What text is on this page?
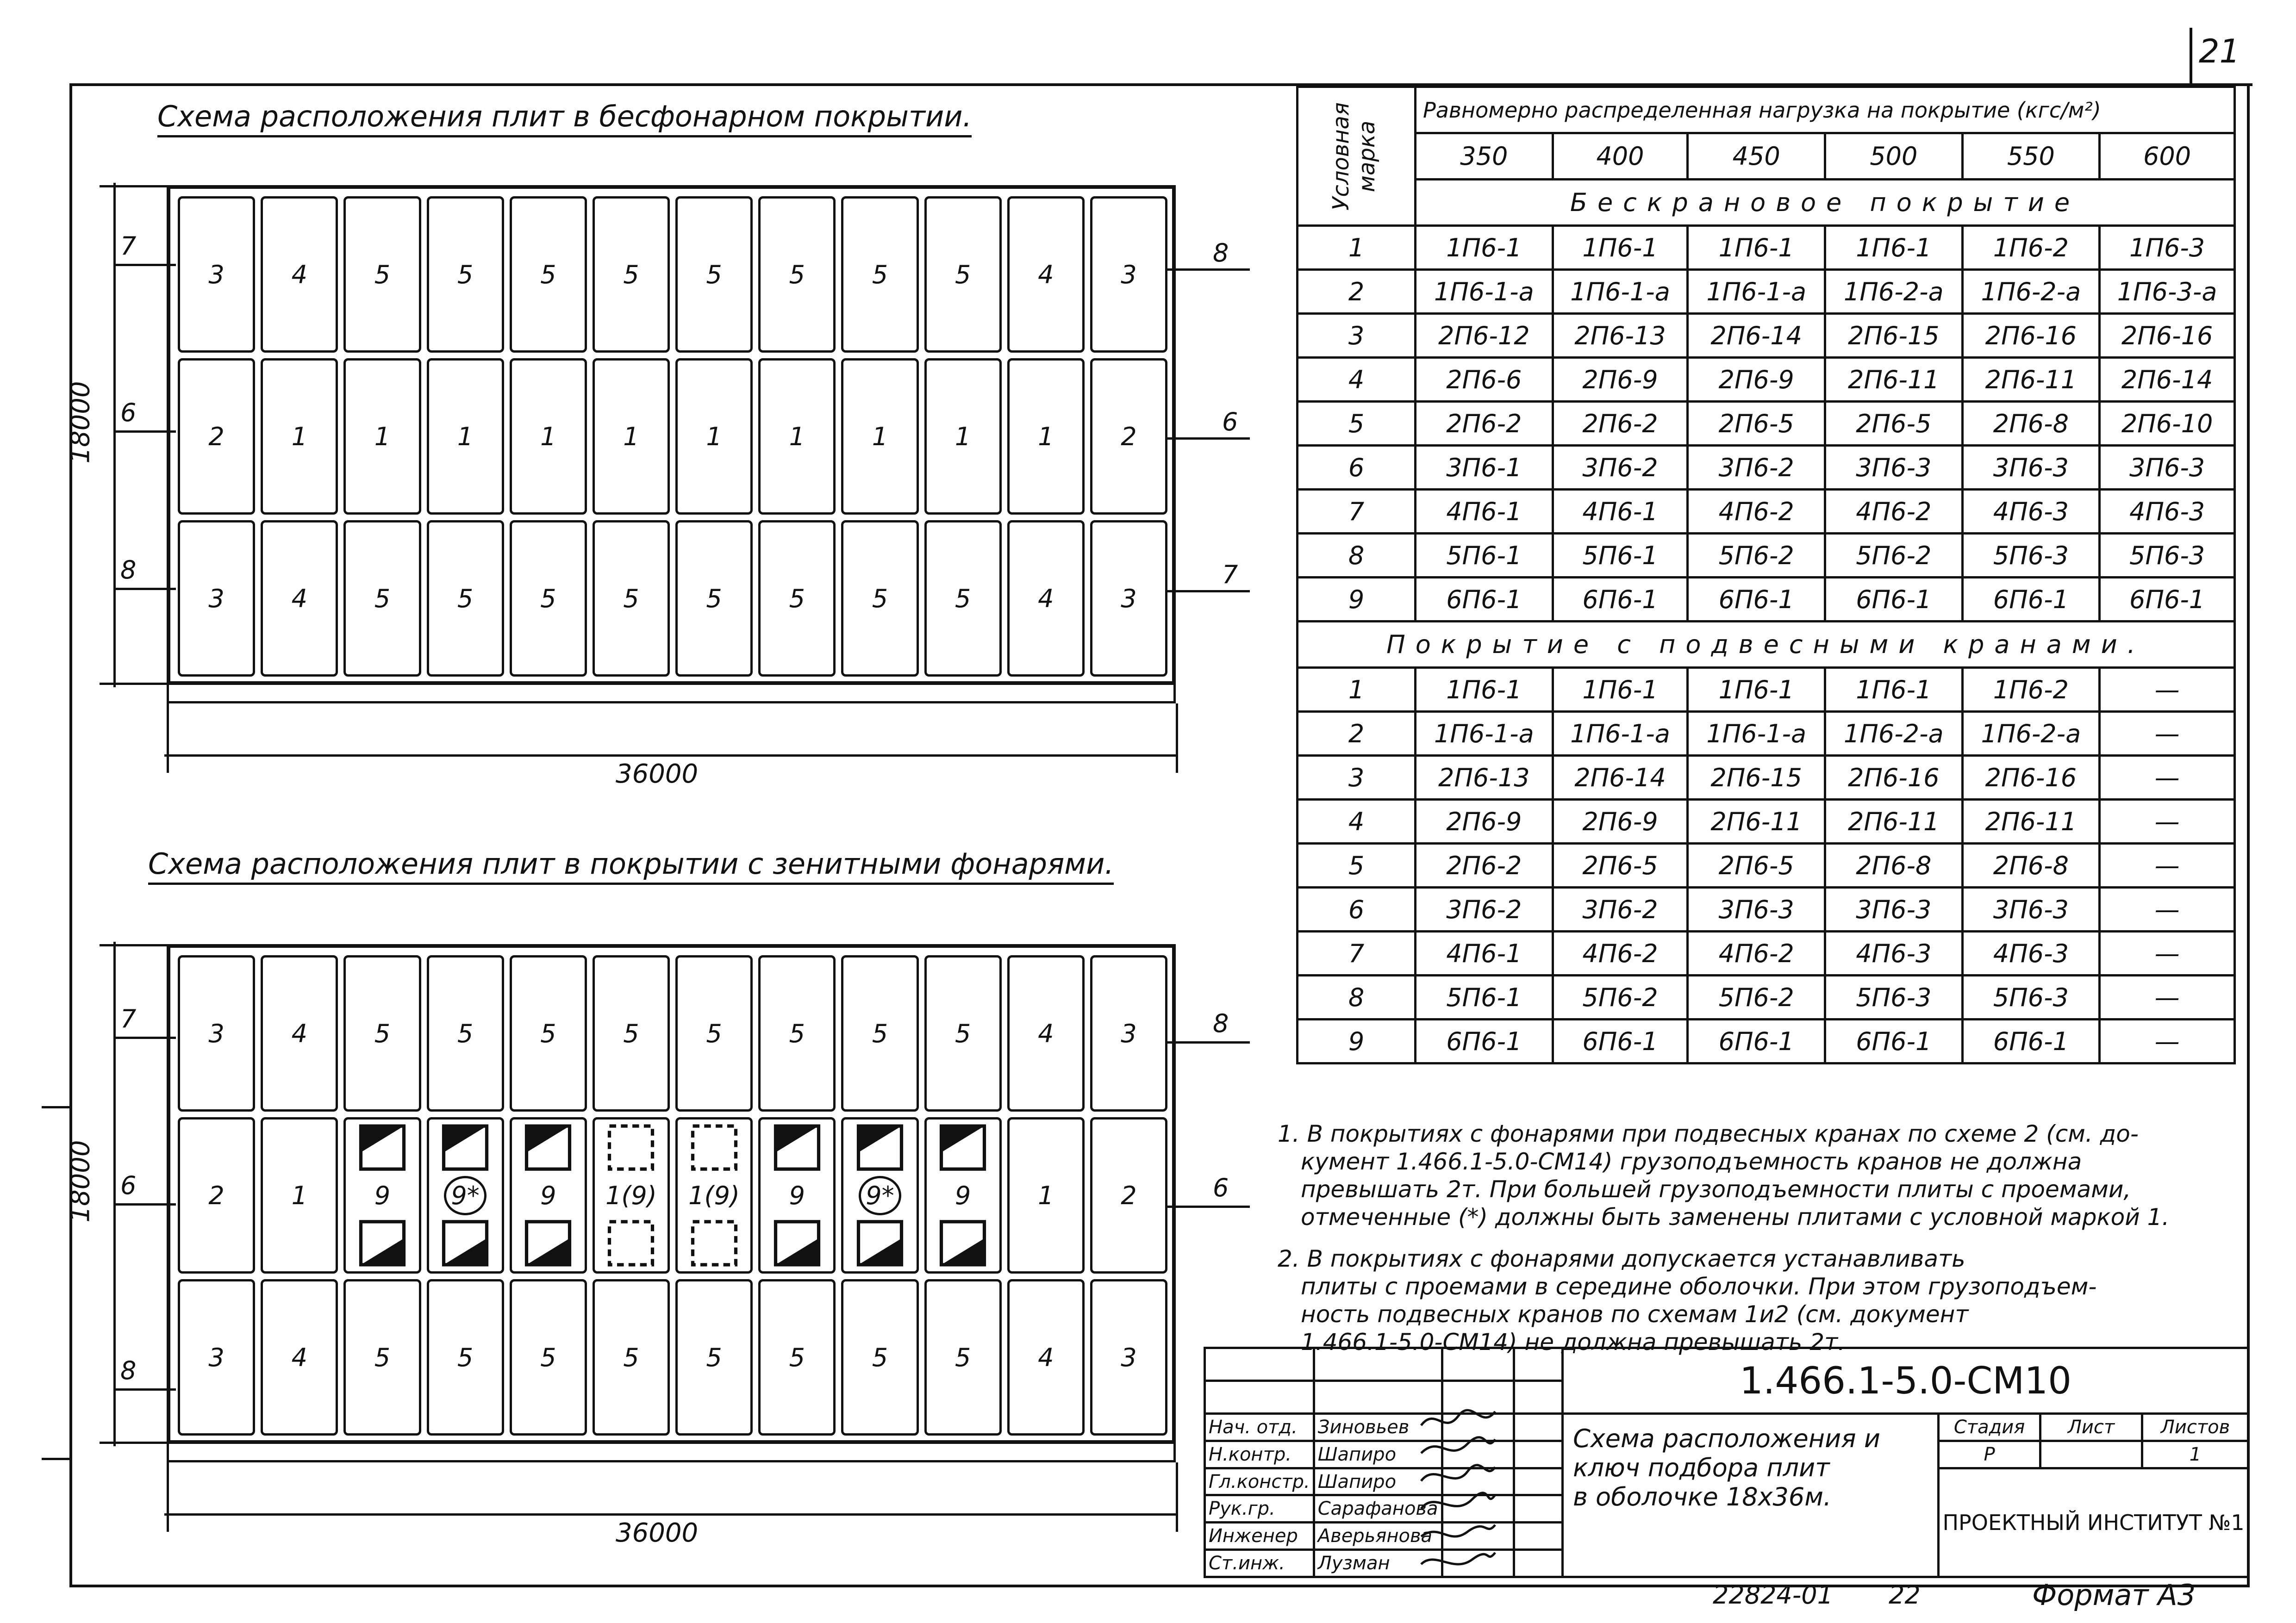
21
Схема расположения плит в бесфонарном покрытии.
3	4	5	5	5	5	5	5	5	5	4	3
2	1	1	1	1	1	1	1	1	1	1	2
3	4	5	5	5	5	5	5	5	5	4	3
7
6
8
8
6
7
18000
36000
Схема расположения плит в покрытии с зенитными фонарями.
3	4	5	5	5	5	5	5	5	5	4	3
2	1	9 9* 9 1(9) 1(9) 9 9* 9	1	2
3	4	5	5	5	5	5	5	5	5	4	3
7
6
8
8
6
18000
36000
Условная марка	Равномерно распределенная нагрузка на покрытие (кгс/м²)					
	350	400	450	500	550	600
	Бескрановое покрытие					
1	1П6-1	1П6-1	1П6-1	1П6-1	1П6-2	1П6-3
2	1П6-1-а	1П6-1-а	1П6-1-а	1П6-2-а	1П6-2-а	1П6-3-а
3	2П6-12	2П6-13	2П6-14	2П6-15	2П6-16	2П6-16
4	2П6-6	2П6-9	2П6-9	2П6-11	2П6-11	2П6-14
5	2П6-2	2П6-2	2П6-5	2П6-5	2П6-8	2П6-10
6	3П6-1	3П6-2	3П6-2	3П6-3	3П6-3	3П6-3
7	4П6-1	4П6-1	4П6-2	4П6-2	4П6-3	4П6-3
8	5П6-1	5П6-1	5П6-2	5П6-2	5П6-3	5П6-3
9	6П6-1	6П6-1	6П6-1	6П6-1	6П6-1	6П6-1
Покрытие с подвесными кранами.						
1	1П6-1	1П6-1	1П6-1	1П6-1	1П6-2	—
2	1П6-1-а	1П6-1-а	1П6-1-а	1П6-2-а	1П6-2-а	—
3	2П6-13	2П6-14	2П6-15	2П6-16	2П6-16	—
4	2П6-9	2П6-9	2П6-11	2П6-11	2П6-11	—
5	2П6-2	2П6-5	2П6-5	2П6-8	2П6-8	—
6	3П6-2	3П6-2	3П6-3	3П6-3	3П6-3	—
7	4П6-1	4П6-2	4П6-2	4П6-3	4П6-3	—
8	5П6-1	5П6-2	5П6-2	5П6-3	5П6-3	—
9	6П6-1	6П6-1	6П6-1	6П6-1	6П6-1	—
1. В покрытиях с фонарями при подвесных кранах по схеме 2 (см. до-
кумент 1.466.1-5.0-СМ14) грузоподъемность кранов не должна
превышать 2т. При большей грузоподъемности плиты с проемами,
отмеченные (*) должны быть заменены плитами с условной маркой 1.
2. В покрытиях с фонарями допускается устанавливать
плиты с проемами в середине оболочки. При этом грузоподъем-
ность подвесных кранов по схемам 1и2 (см. документ
1.466.1-5.0-СМ14) не должна превышать 2т.
				1.466.1-5.0-СМ10			

Нач. отд.	Зиновьев			Схема расположения и
ключ подбора плит
в оболочке 18х36м.	Стадия	Лист	Листов
Н.контр.	Шапиро				Р		1
Гл.констр.	Шапиро				ПРОЕКТНЫЙ ИНСТИТУТ №1		
Рук.гр.	Сарафанова						
Инженер	Аверьянова						
Ст.инж.	Лузман						
22824-01 22	Формат А3
